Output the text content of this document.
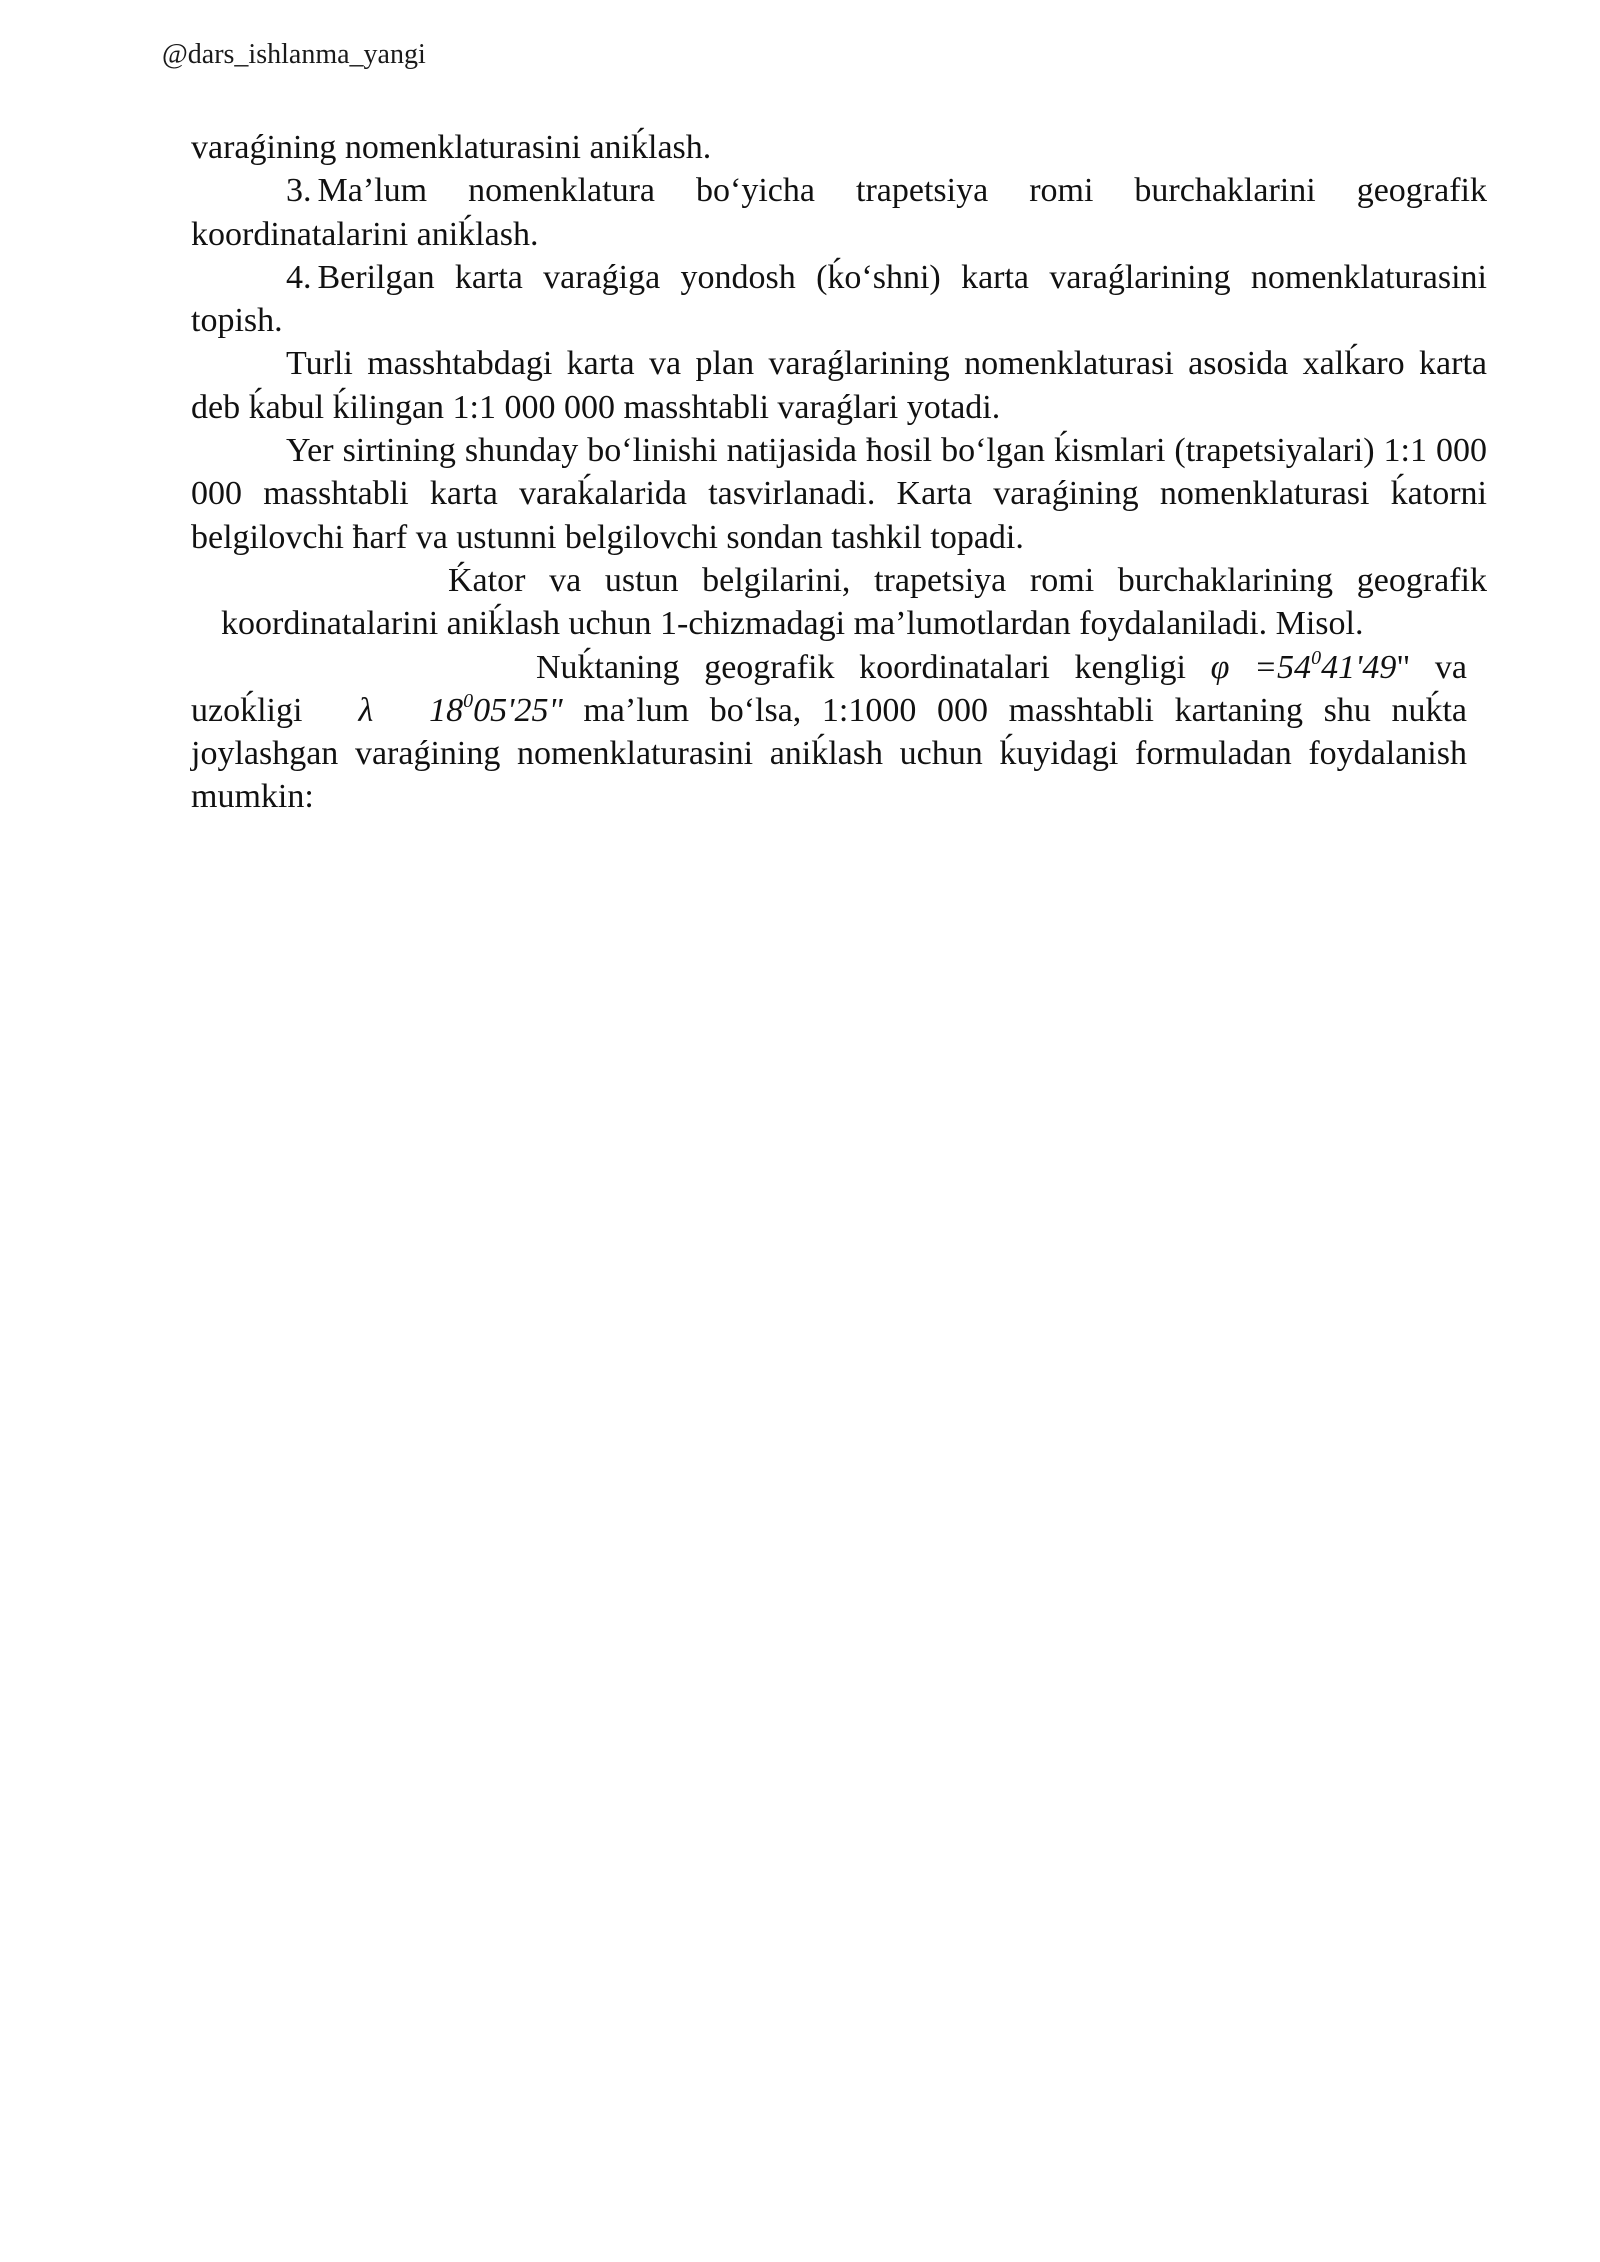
@dars_ishlanma_yangi

varaǵining nomenklaturasini aniḱlash.

3. Ma’lum nomenklatura bo‘yicha trapetsiya romi burchaklarini geografik koordinatalarini aniḱlash.

4. Berilgan karta varaǵiga yondosh (ḱo‘shni) karta varaǵlarining nomenklaturasini topish.

Turli masshtabdagi karta va plan varaǵlarining nomenklaturasi asosida xalḱaro karta deb ḱabul ḱilingan 1:1 000 000 masshtabli varaǵlari yotadi.

Yer sirtining shunday bo‘linishi natijasida ħosil bo‘lgan ḱismlari (trapetsiyalari) 1:1 000 000 masshtabli karta varaḱalarida tasvirlanadi. Karta varaǵining nomenklaturasi ḱatorni belgilovchi ħarf va ustunni belgilovchi sondan tashkil topadi.

Ḱator va ustun belgilarini, trapetsiya romi burchaklarining geografik koordinatalarini aniḱlash uchun 1-chizmadagi ma’lumotlardan foydalaniladi. Misol.

Nuḱtaning geografik koordinatalari kengligi $\varphi =54^041'49$" va uzoḱligi λ $18^005'25$" ma’lum bo‘lsa, 1:1000 000 masshtabli kartaning shu nuḱta joylashgan varaǵining nomenklaturasini aniḱlash uchun ḱuyidagi formuladan foydalanish mumkin:
